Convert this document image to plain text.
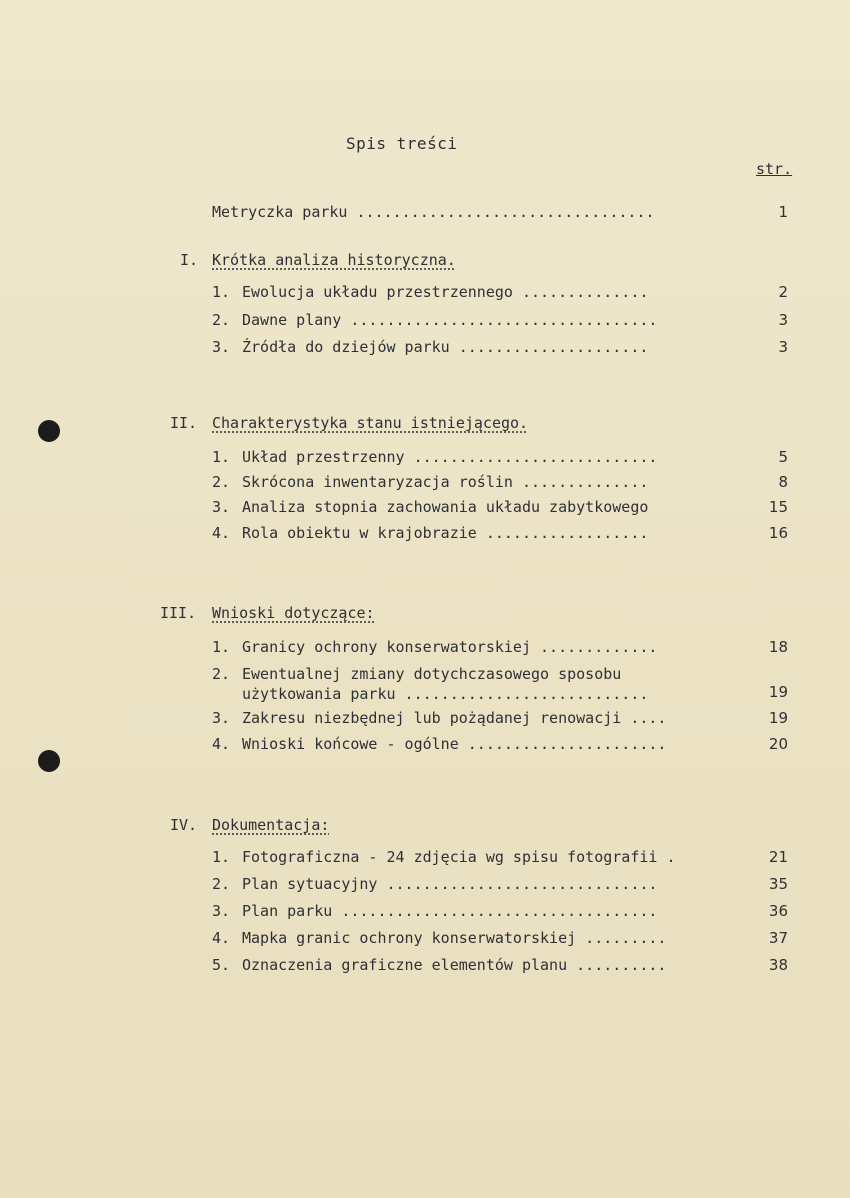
Spis treści
str.
Metryczka parku .................................	1
I. Krótka analiza historyczna.
1. Ewolucja układu przestrzennego ..............	2
2. Dawne plany ..................................	3
3. Źródła do dziejów parku .....................	3
II. Charakterystyka stanu istniejącego.
1. Układ przestrzenny ...........................	5
2. Skrócona inwentaryzacja roślin ..............	8
3. Analiza stopnia zachowania układu zabytkowego	15
4. Rola obiektu w krajobrazie ..................	16
III. Wnioski dotyczące:
1. Granicy ochrony konserwatorskiej .............	18
2. Ewentualnej zmiany dotychczasowego sposobu
użytkowania parku ...........................	19
3. Zakresu niezbędnej lub pożądanej renowacji ....	19
4. Wnioski końcowe - ogólne ......................	20
IV. Dokumentacja:
1. Fotograficzna - 24 zdjęcia wg spisu fotografii .	21
2. Plan sytuacyjny ..............................	35
3. Plan parku ...................................	36
4. Mapka granic ochrony konserwatorskiej .........	37
5. Oznaczenia graficzne elementów planu ..........	38
